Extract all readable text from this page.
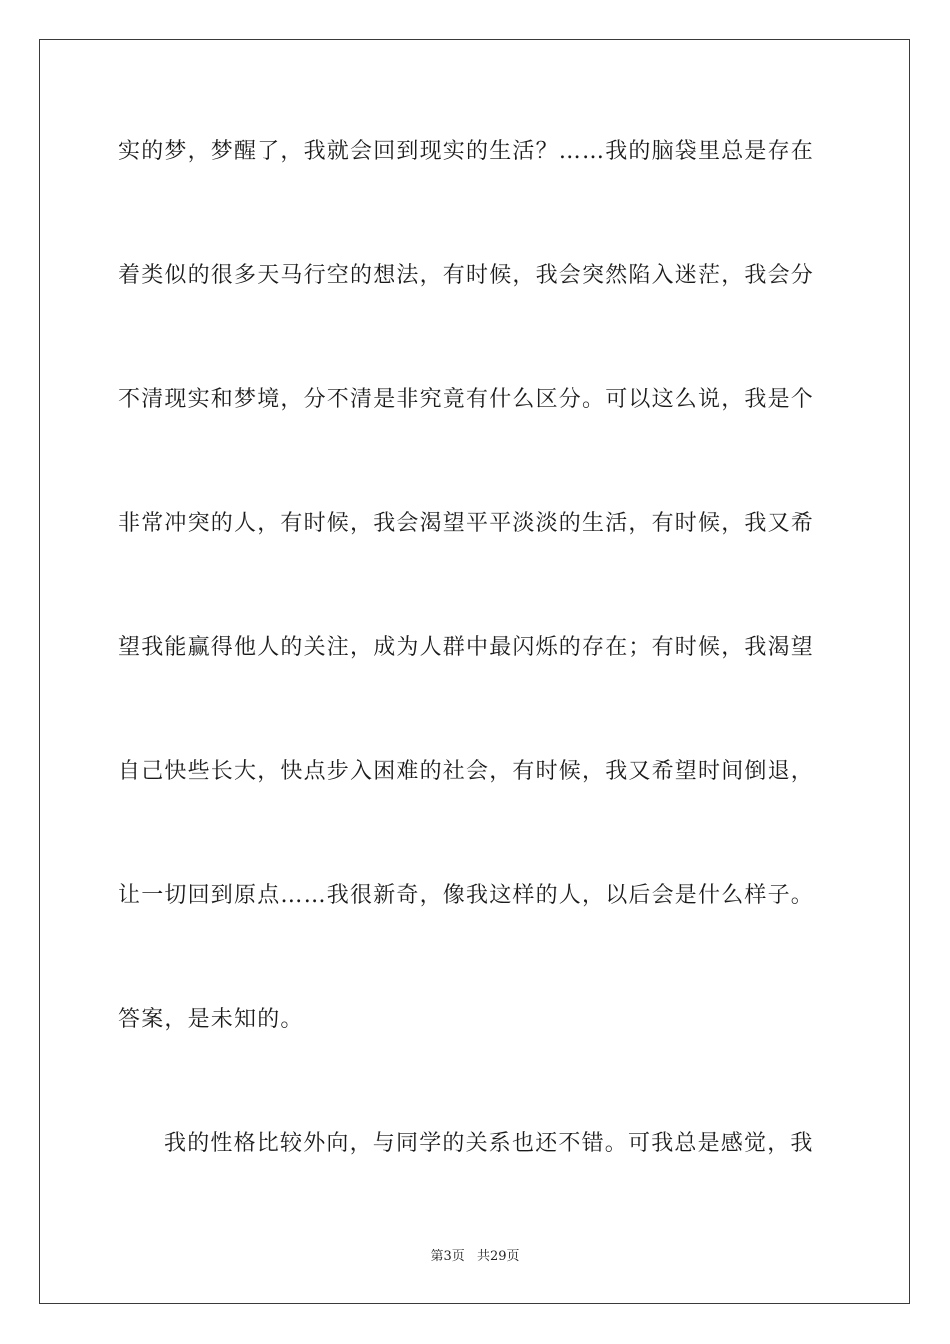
实的梦，梦醒了，我就会回到现实的生活？……我的脑袋里总是存在
着类似的很多天马行空的想法，有时候，我会突然陷入迷茫，我会分
不清现实和梦境，分不清是非究竟有什么区分。可以这么说，我是个
非常冲突的人，有时候，我会渴望平平淡淡的生活，有时候，我又希
望我能赢得他人的关注，成为人群中最闪烁的存在；有时候，我渴望
自己快些长大，快点步入困难的社会，有时候，我又希望时间倒退，
让一切回到原点……我很新奇，像我这样的人，以后会是什么样子。
答案，是未知的。
我的性格比较外向，与同学的关系也还不错。可我总是感觉，我
第3页 共29页
